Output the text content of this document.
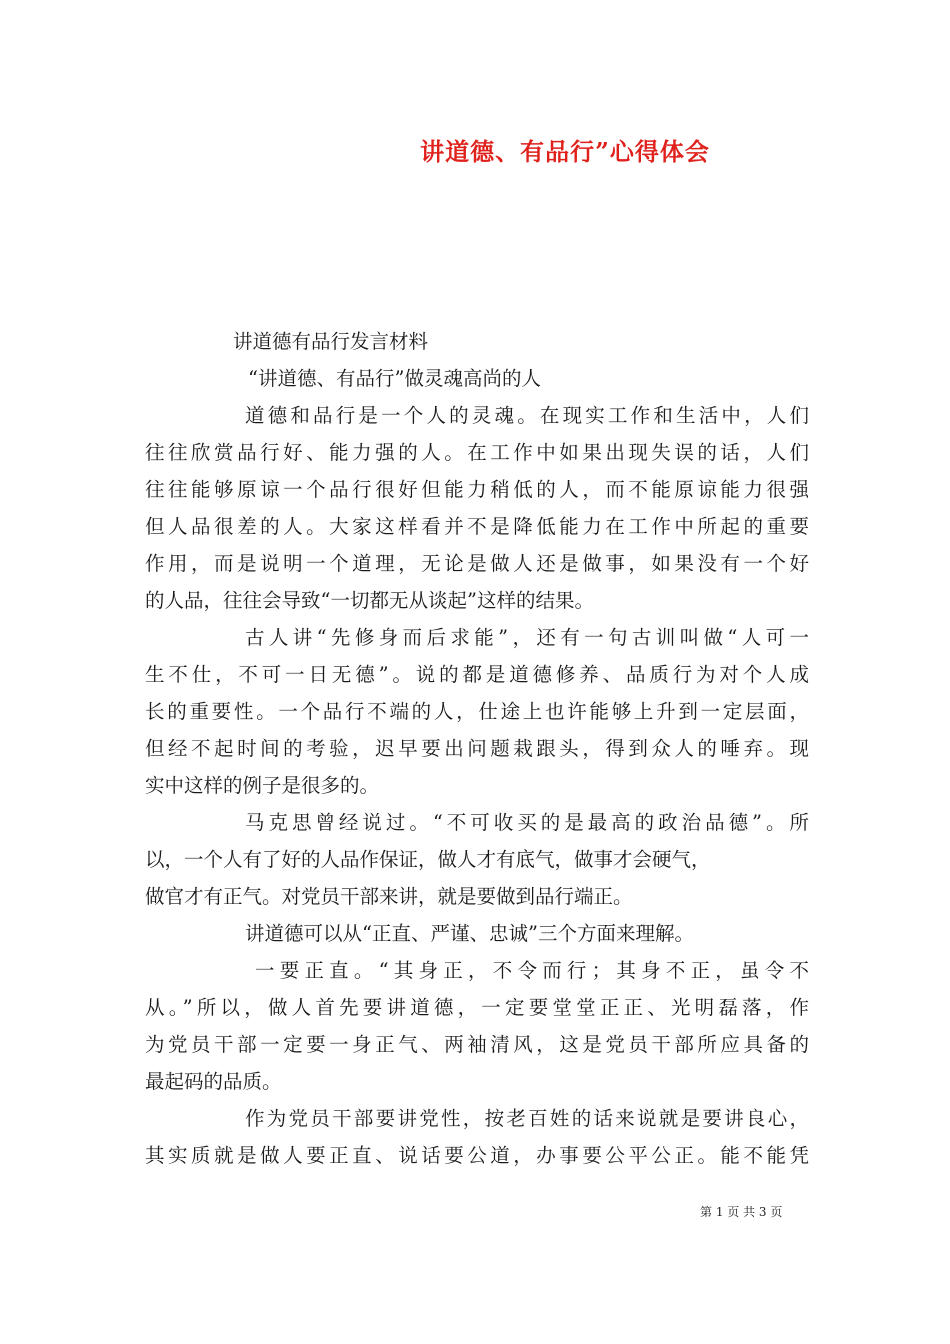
讲道德、有品行”心得体会
讲道德有品行发言材料
“讲道德、有品行”做灵魂高尚的人
道德和品行是一个人的灵魂。在现实工作和生活中，人们
往往欣赏品行好、能力强的人。在工作中如果出现失误的话，人们
往往能够原谅一个品行很好但能力稍低的人，而不能原谅能力很强
但人品很差的人。大家这样看并不是降低能力在工作中所起的重要
作用，而是说明一个道理，无论是做人还是做事，如果没有一个好
的人品，往往会导致“一切都无从谈起”这样的结果。
古人讲“先修身而后求能”，还有一句古训叫做“人可一
生不仕，不可一日无德”。说的都是道德修养、品质行为对个人成
长的重要性。一个品行不端的人，仕途上也许能够上升到一定层面，
但经不起时间的考验，迟早要出问题栽跟头，得到众人的唾弃。现
实中这样的例子是很多的。
马克思曾经说过。“不可收买的是最高的政治品德”。所
以，一个人有了好的人品作保证，做人才有底气，做事才会硬气，
做官才有正气。对党员干部来讲，就是要做到品行端正。
讲道德可以从“正直、严谨、忠诚”三个方面来理解。
一要正直。“其身正，不令而行；其身不正，虽令不
从。”所以，做人首先要讲道德，一定要堂堂正正、光明磊落，作
为党员干部一定要一身正气、两袖清风，这是党员干部所应具备的
最起码的品质。
作为党员干部要讲党性，按老百姓的话来说就是要讲良心，
其实质就是做人要正直、说话要公道，办事要公平公正。能不能凭
第 1 页 共 3 页
